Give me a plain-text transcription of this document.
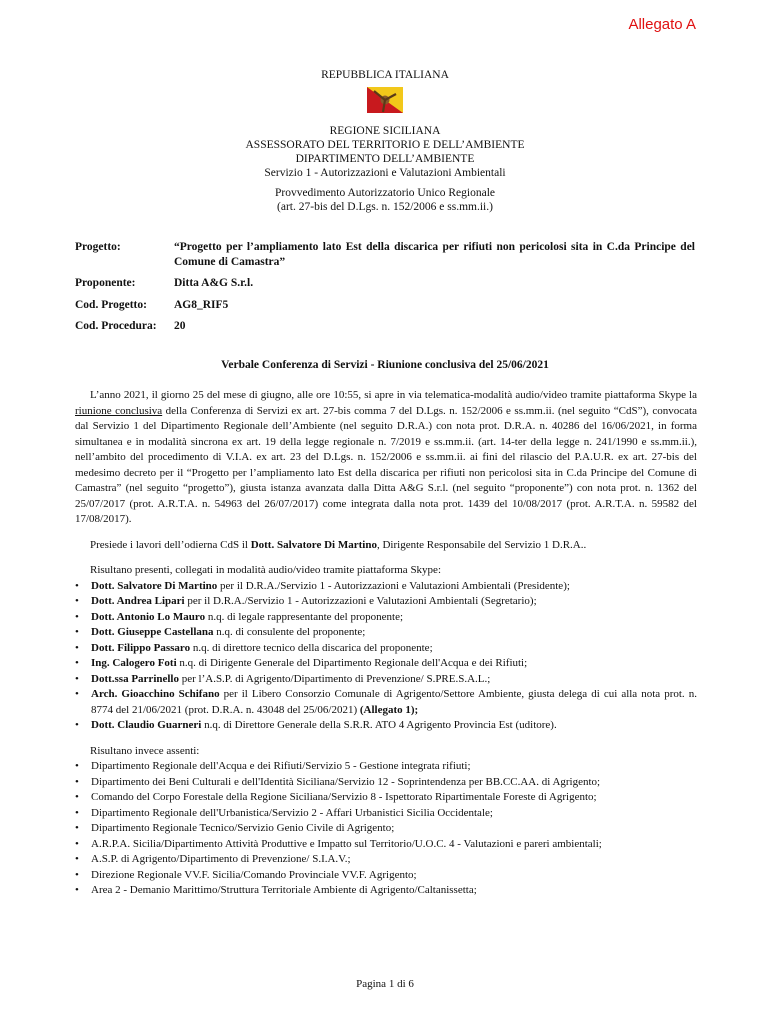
Allegato A
REPUBBLICA ITALIANA
REGIONE SICILIANA
ASSESSORATO DEL TERRITORIO E DELL’AMBIENTE
DIPARTIMENTO DELL’AMBIENTE
Servizio 1 - Autorizzazioni e Valutazioni Ambientali
Provvedimento Autorizzatorio Unico Regionale
(art. 27-bis del D.Lgs. n. 152/2006 e ss.mm.ii.)
Progetto:	“Progetto per l’ampliamento lato Est della discarica per rifiuti non pericolosi sita in C.da Principe del Comune di Camastra”
Proponente:	Ditta A&G S.r.l.
Cod. Progetto:	AG8_RIF5
Cod. Procedura:	20
Verbale Conferenza di Servizi - Riunione conclusiva del 25/06/2021

L’anno 2021, il giorno 25 del mese di giugno, alle ore 10:55, si apre in via telematica-modalità audio/video tramite piattaforma Skype la riunione conclusiva della Conferenza di Servizi ex art. 27-bis comma 7 del D.Lgs. n. 152/2006 e ss.mm.ii. (nel seguito “CdS”), convocata dal Servizio 1 del Dipartimento Regionale dell’Ambiente (nel seguito D.R.A.) con nota prot. D.R.A. n. 40286 del 16/06/2021, in forma simultanea e in modalità sincrona ex art. 19 della legge regionale n. 7/2019 e ss.mm.ii. (art. 14-ter della legge n. 241/1990 e ss.mm.ii.), nell’ambito del procedimento di V.I.A. ex art. 23 del D.Lgs. n. 152/2006 e ss.mm.ii. ai fini del rilascio del P.A.U.R. ex art. 27-bis del medesimo decreto per il “Progetto per l’ampliamento lato Est della discarica per rifiuti non pericolosi sita in C.da Principe del Comune di Camastra” (nel seguito “progetto”), giusta istanza avanzata dalla Ditta A&G S.r.l. (nel seguito “proponente”) con nota prot. n. 1362 del 25/07/2017 (prot. A.R.T.A. n. 54963 del 26/07/2017) come integrata dalla nota prot. 1439 del 10/08/2017 (prot. A.R.T.A. n. 59582 del 17/08/2017).

Presiede i lavori dell’odierna CdS il Dott. Salvatore Di Martino, Dirigente Responsabile del Servizio 1 D.R.A..

Risultano presenti, collegati in modalità audio/video tramite piattaforma Skype:

• Dott. Salvatore Di Martino per il D.R.A./Servizio 1 - Autorizzazioni e Valutazioni Ambientali (Presidente);
• Dott. Andrea Lipari per il D.R.A./Servizio 1 - Autorizzazioni e Valutazioni Ambientali (Segretario);
• Dott. Antonio Lo Mauro n.q. di legale rappresentante del proponente;
• Dott. Giuseppe Castellana n.q. di consulente del proponente;
• Dott. Filippo Passaro n.q. di direttore tecnico della discarica del proponente;
• Ing. Calogero Foti n.q. di Dirigente Generale del Dipartimento Regionale dell'Acqua e dei Rifiuti;
• Dott.ssa Parrinello per l’A.S.P. di Agrigento/Dipartimento di Prevenzione/ S.PRE.S.A.L.;
• Arch. Gioacchino Schifano per il Libero Consorzio Comunale di Agrigento/Settore Ambiente, giusta delega di cui alla nota prot. n. 8774 del 21/06/2021 (prot. D.R.A. n. 43048 del 25/06/2021) (Allegato 1);
• Dott. Claudio Guarneri n.q. di Direttore Generale della S.R.R. ATO 4 Agrigento Provincia Est (uditore).

Risultano invece assenti:

• Dipartimento Regionale dell'Acqua e dei Rifiuti/Servizio 5 - Gestione integrata rifiuti;
• Dipartimento dei Beni Culturali e dell'Identità Siciliana/Servizio 12 - Soprintendenza per BB.CC.AA. di Agrigento;
• Comando del Corpo Forestale della Regione Siciliana/Servizio 8 - Ispettorato Ripartimentale Foreste di Agrigento;
• Dipartimento Regionale dell'Urbanistica/Servizio 2 - Affari Urbanistici Sicilia Occidentale;
• Dipartimento Regionale Tecnico/Servizio Genio Civile di Agrigento;
• A.R.P.A. Sicilia/Dipartimento Attività Produttive e Impatto sul Territorio/U.O.C. 4 - Valutazioni e pareri ambientali;
• A.S.P. di Agrigento/Dipartimento di Prevenzione/ S.I.A.V.;
• Direzione Regionale VV.F. Sicilia/Comando Provinciale VV.F. Agrigento;
• Area 2 - Demanio Marittimo/Struttura Territoriale Ambiente di Agrigento/Caltanissetta;
Pagina 1 di 6
